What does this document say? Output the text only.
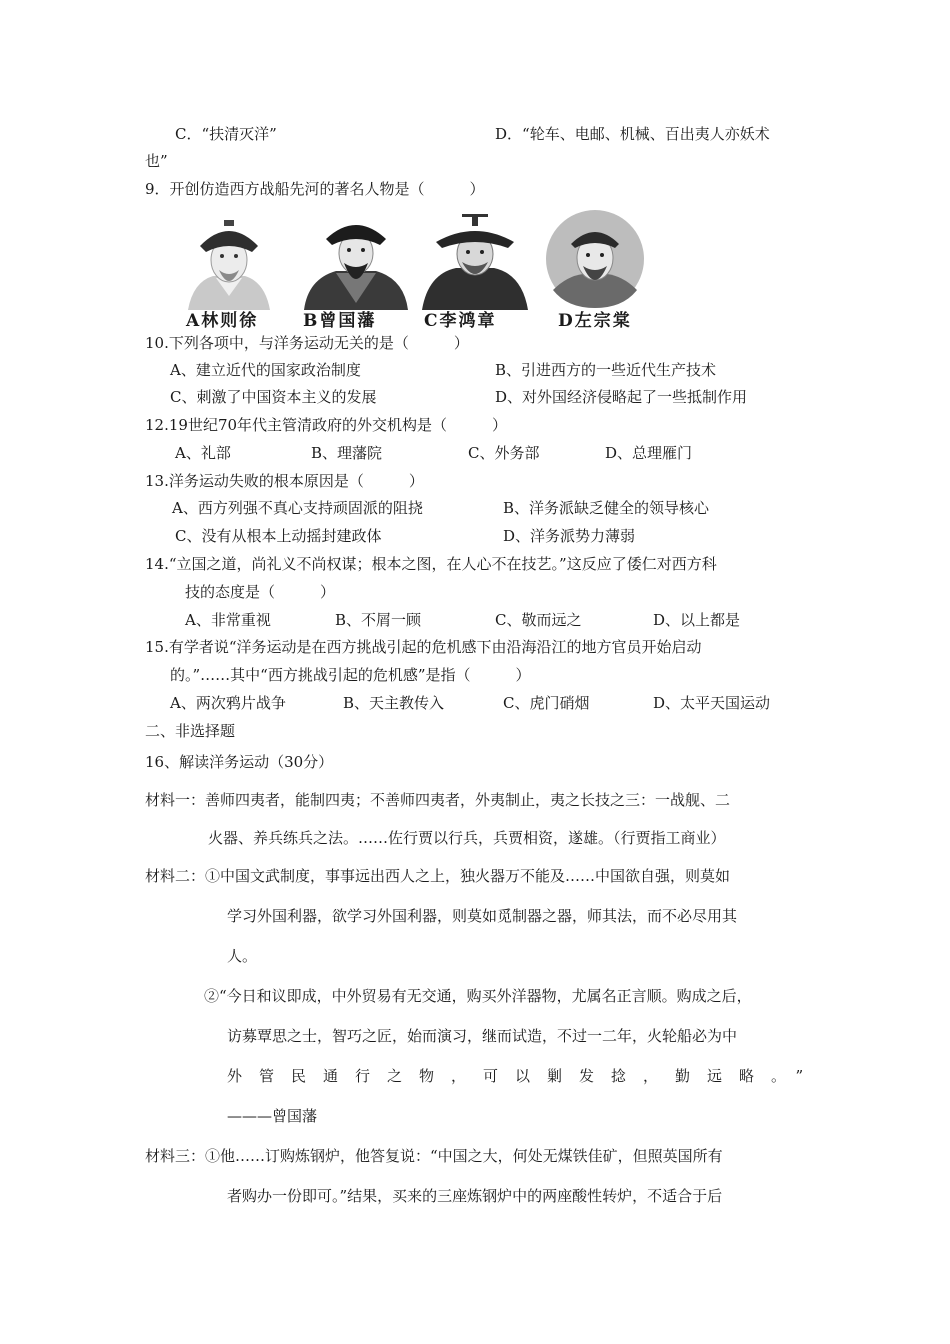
C．“扶清灭洋”	D．“轮车、电邮、机械、百出夷人亦妖术
也”
9．开创仿造西方战船先河的著名人物是（　　　）
A林则徐	B曾国藩	C李鸿章	D左宗棠
10.下列各项中，与洋务运动无关的是（　　　）
A、建立近代的国家政治制度	B、引进西方的一些近代生产技术
C、刺激了中国资本主义的发展	D、对外国经济侵略起了一些抵制作用
12.19世纪70年代主管清政府的外交机构是（　　　）
A、礼部	B、理藩院	C、外务部	D、总理雁门
13.洋务运动失败的根本原因是（　　　）
A、西方列强不真心支持顽固派的阻挠	B、洋务派缺乏健全的领导核心
C、没有从根本上动摇封建政体	D、洋务派势力薄弱
14.“立国之道，尚礼义不尚权谋；根本之图，在人心不在技艺。”这反应了倭仁对西方科
技的态度是（　　　）
A、非常重视	B、不屑一顾	C、敬而远之	D、以上都是
15.有学者说“洋务运动是在西方挑战引起的危机感下由沿海沿江的地方官员开始启动
的。”……其中“西方挑战引起的危机感”是指（　　　）
A、两次鸦片战争	B、天主教传入	C、虎门硝烟	D、太平天国运动
二、非选择题
16、解读洋务运动（30分）
材料一：善师四夷者，能制四夷；不善师四夷者，外夷制止，夷之长技之三：一战舰、二
火器、养兵练兵之法。……佐行贾以行兵，兵贾相资，遂雄。（行贾指工商业）
材料二：①中国文武制度，事事远出西人之上，独火器万不能及……中国欲自强，则莫如
学习外国利器，欲学习外国利器，则莫如觅制器之器，师其法，而不必尽用其
人。
②“今日和议即成，中外贸易有无交通，购买外洋器物，尤属名正言顺。购成之后，
访募覃思之士，智巧之匠，始而演习，继而试造，不过一二年，火轮船必为中
外管民通行之物，可以剿发捻，勤远略。”
———曾国藩
材料三：①他……订购炼钢炉，他答复说：“中国之大，何处无煤铁佳矿，但照英国所有
者购办一份即可。”结果，买来的三座炼钢炉中的两座酸性转炉，不适合于后
